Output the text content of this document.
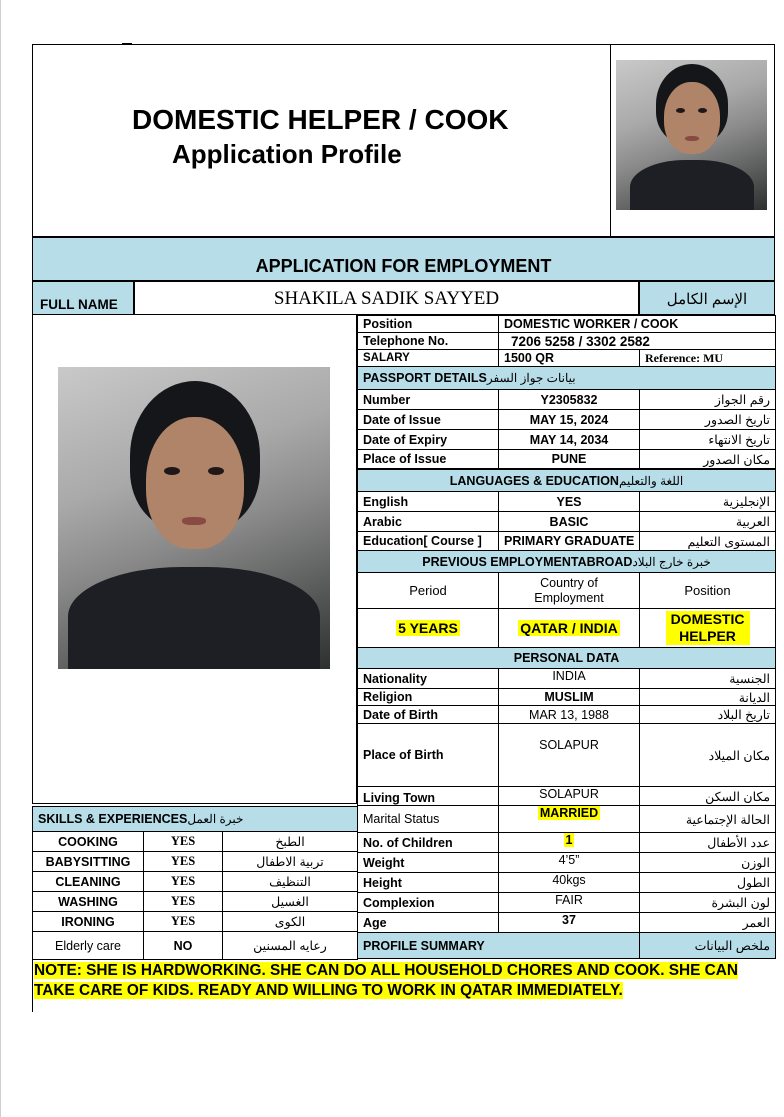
DOMESTIC HELPER / COOK
Application Profile
APPLICATION FOR EMPLOYMENT
FULL NAME	SHAKILA SADIK SAYYED	الإسم الكامل
Position	DOMESTIC WORKER / COOK	
Telephone No.	7206 5258 / 3302 2582	
SALARY	1500 QR	Reference: MU
PASSPORT DETAILSبيانات جواز السفر		
Number	Y2305832	رقم الجواز
Date of Issue	MAY 15, 2024	تاريخ الصدور
Date of Expiry	MAY 14, 2034	تاريخ الانتهاء
Place of Issue	PUNE	مكان الصدور
LANGUAGES & EDUCATIONاللغة والتعليم		
English	YES	الإنجليزية
Arabic	BASIC	العربية
Education[ Course ]	PRIMARY GRADUATE	المستوى التعليم
PREVIOUS EMPLOYMENTABROADخبرة خارج البلاد		
Period	Country of Employment	Position
5 YEARS	QATAR / INDIA	DOMESTIC HELPER
PERSONAL DATA		
Nationality	INDIA	الجنسية
Religion	MUSLIM	الديانة
Date of Birth	MAR 13, 1988	تاريخ البلاد
Place of Birth	SOLAPUR	مكان الميلاد
Living Town	SOLAPUR	مكان السكن
Marital Status	MARRIED	الحالة الإجتماعية
No. of Children	1	عدد الأطفال
Weight	4’5”	الوزن
Height	40kgs	الطول
Complexion	FAIR	لون البشرة
Age	37	العمر
PROFILE SUMMARY		ملخص البيانات
SKILLS & EXPERIENCESخبرة العمل		
COOKING	YES	الطبخ
BABYSITTING	YES	تربية الاطفال
CLEANING	YES	التنظيف
WASHING	YES	الغسيل
IRONING	YES	الكوى
Elderly care	NO	رعايه المسنين
NOTE: SHE IS HARDWORKING. SHE CAN DO ALL HOUSEHOLD CHORES AND COOK. SHE CAN
TAKE CARE OF KIDS. READY AND WILLING TO WORK IN QATAR IMMEDIATELY.
